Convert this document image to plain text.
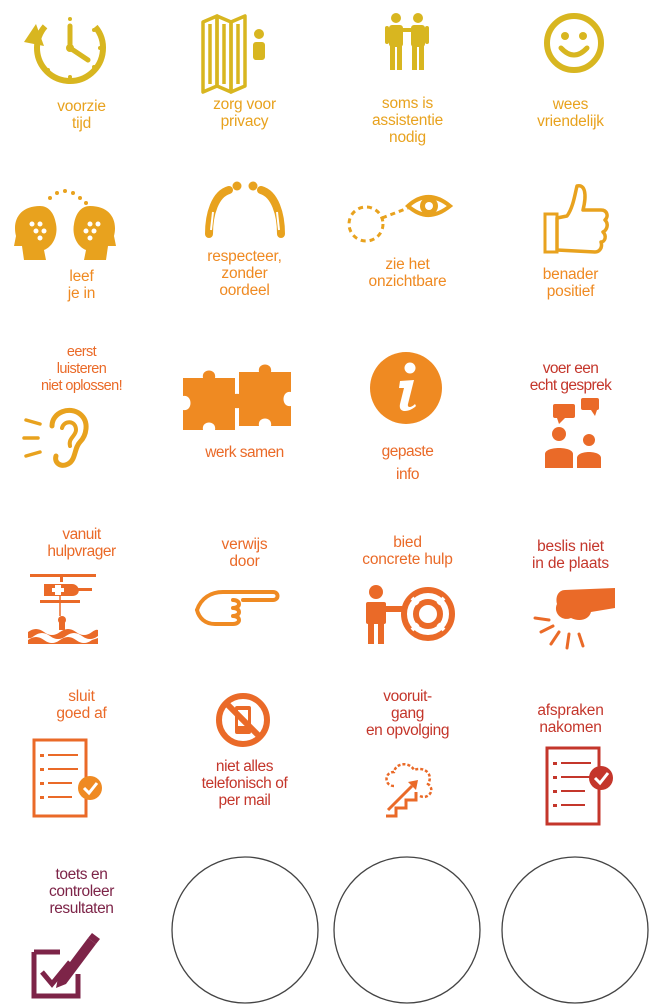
voorzie
tijd
zorg voor
privacy
soms is
assistentie
nodig
wees
vriendelijk
leef
je in
respecteer,
zonder
oordeel
zie het
onzichtbare	benader
positief
eerst
luisteren
niet oplossen!
werk samen	gepaste
info
voer een
echt gesprek
vanuit
hulpvrager	verwijs
door
bied
concrete hulp
beslis niet
in de plaats
sluit
goed af
niet alles
telefonisch of
per mail
vooruit-
gang
en opvolging
afspraken
nakomen
toets en
controleer
resultaten
